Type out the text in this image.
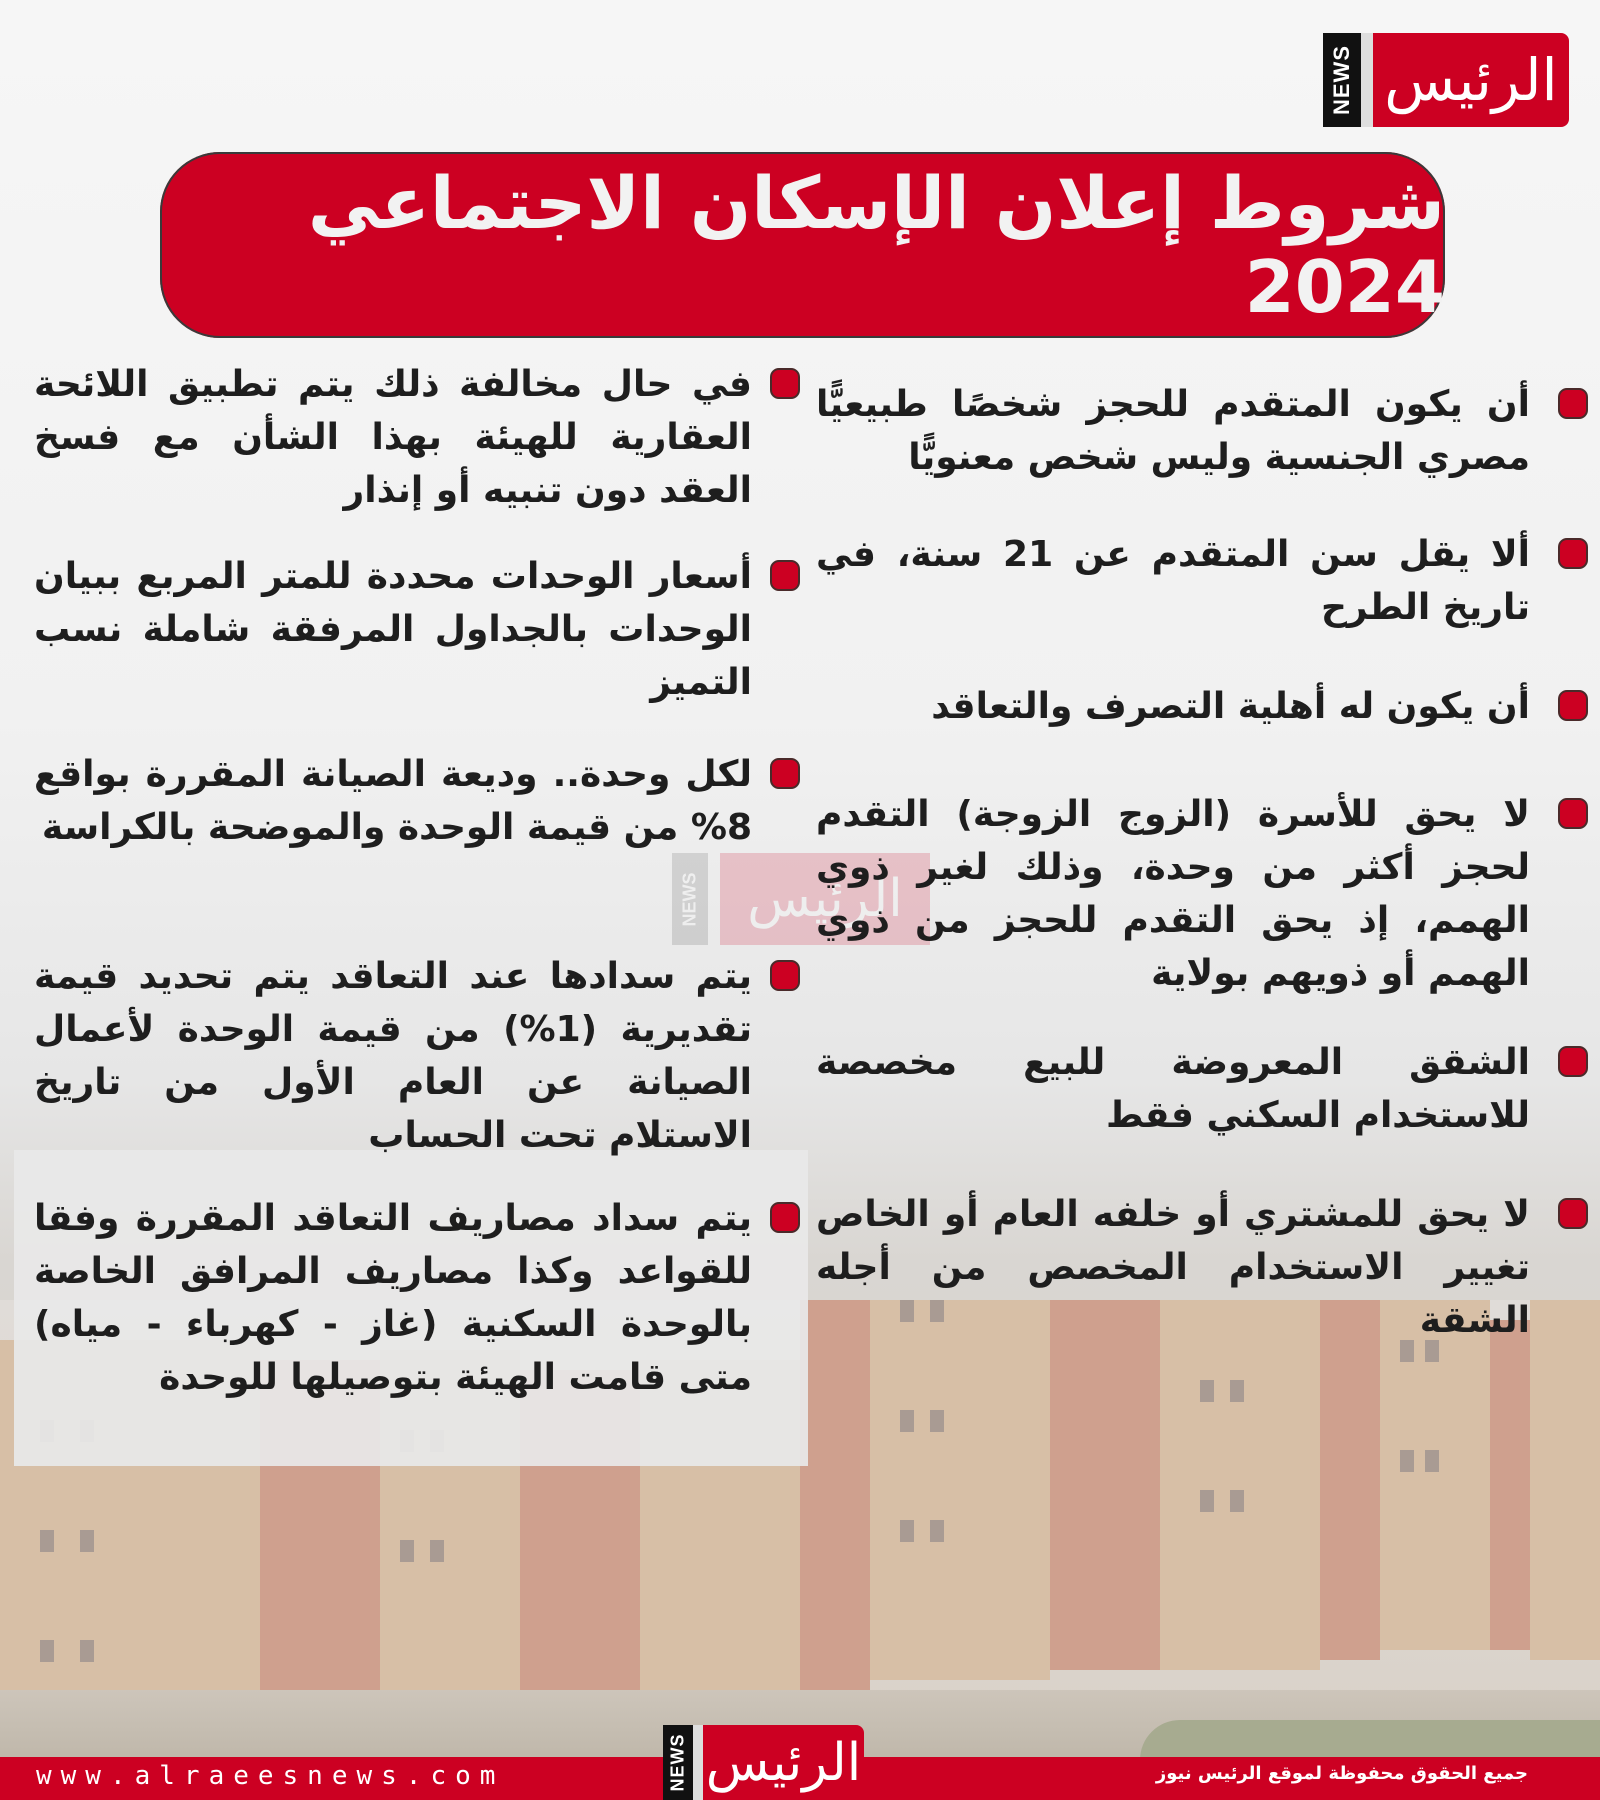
NEWS الرئيس
شروط إعلان الإسكان الاجتماعي 2024
NEWS الرئيس

أن يكون المتقدم للحجز شخصًا طبيعيًّا مصري الجنسية وليس شخص معنويًّا

ألا يقل سن المتقدم عن 21 سنة، في تاريخ الطرح

أن يكون له أهلية التصرف والتعاقد

لا يحق للأسرة (الزوج الزوجة) التقدم لحجز أكثر من وحدة، وذلك لغير ذوي الهمم، إذ يحق التقدم للحجز من ذوي الهمم أو ذويهم بولاية

الشقق المعروضة للبيع مخصصة للاستخدام السكني فقط

لا يحق للمشتري أو خلفه العام أو الخاص تغيير الاستخدام المخصص من أجله الشقة

في حال مخالفة ذلك يتم تطبيق اللائحة العقارية للهيئة بهذا الشأن مع فسخ العقد دون تنبيه أو إنذار

أسعار الوحدات محددة للمتر المربع ببيان الوحدات بالجداول المرفقة شاملة نسب التميز

لكل وحدة.. وديعة الصيانة المقررة بواقع 8% من قيمة الوحدة والموضحة بالكراسة

يتم سدادها عند التعاقد يتم تحديد قيمة تقديرية (1%) من قيمة الوحدة لأعمال الصيانة عن العام الأول من تاريخ الاستلام تحت الحساب

يتم سداد مصاريف التعاقد المقررة وفقا للقواعد وكذا مصاريف المرافق الخاصة بالوحدة السكنية (غاز - كهرباء - مياه) متى قامت الهيئة بتوصيلها للوحدة

www.alraeesnews.com	جميع الحقوق محفوظة لموقع الرئيس نيوز
NEWS الرئيس
